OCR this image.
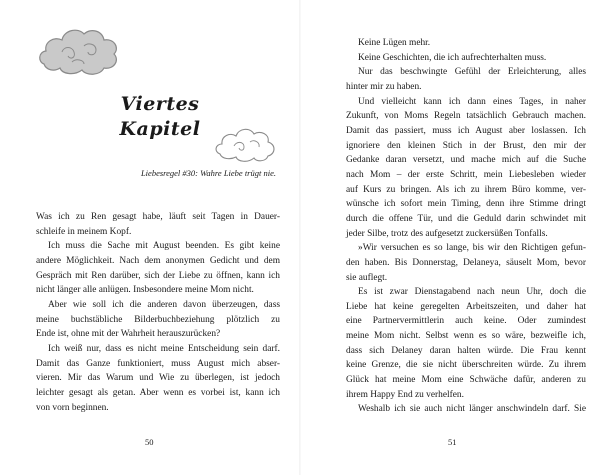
Viertes
Kapitel
Liebesregel #30: Wahre Liebe trügt nie.
Was ich zu Ren gesagt habe, läuft seit Tagen in Dauer-
schleife in meinem Kopf.
Ich muss die Sache mit August beenden. Es gibt keine
andere Möglichkeit. Nach dem anonymen Gedicht und dem
Gespräch mit Ren darüber, sich der Liebe zu öffnen, kann ich
nicht länger alle anlügen. Insbesondere meine Mom nicht.
Aber wie soll ich die anderen davon überzeugen, dass
meine buchstäbliche Bilderbuchbeziehung plötzlich zu
Ende ist, ohne mit der Wahrheit herauszurücken?
Ich weiß nur, dass es nicht meine Entscheidung sein darf.
Damit das Ganze funktioniert, muss August mich abser-
vieren. Mir das Warum und Wie zu überlegen, ist jedoch
leichter gesagt als getan. Aber wenn es vorbei ist, kann ich
von vorn beginnen.
50
Keine Lügen mehr.
Keine Geschichten, die ich aufrechterhalten muss.
Nur das beschwingte Gefühl der Erleichterung, alles
hinter mir zu haben.
Und vielleicht kann ich dann eines Tages, in naher
Zukunft, von Moms Regeln tatsächlich Gebrauch machen.
Damit das passiert, muss ich August aber loslassen. Ich
ignoriere den kleinen Stich in der Brust, den mir der
Gedanke daran versetzt, und mache mich auf die Suche
nach Mom – der erste Schritt, mein Liebesleben wieder
auf Kurs zu bringen. Als ich zu ihrem Büro komme, ver-
wünsche ich sofort mein Timing, denn ihre Stimme dringt
durch die offene Tür, und die Geduld darin schwindet mit
jeder Silbe, trotz des aufgesetzt zuckersüßen Tonfalls.
»Wir versuchen es so lange, bis wir den Richtigen gefun-
den haben. Bis Donnerstag, Delaneya, säuselt Mom, bevor
sie auflegt.
Es ist zwar Dienstagabend nach neun Uhr, doch die
Liebe hat keine geregelten Arbeitszeiten, und daher hat
eine Partnervermittlerin auch keine. Oder zumindest
meine Mom nicht. Selbst wenn es so wäre, bezweifle ich,
dass sich Delaney daran halten würde. Die Frau kennt
keine Grenze, die sie nicht überschreiten würde. Zu ihrem
Glück hat meine Mom eine Schwäche dafür, anderen zu
ihrem Happy End zu verhelfen.
Weshalb ich sie auch nicht länger anschwindeln darf. Sie
51
